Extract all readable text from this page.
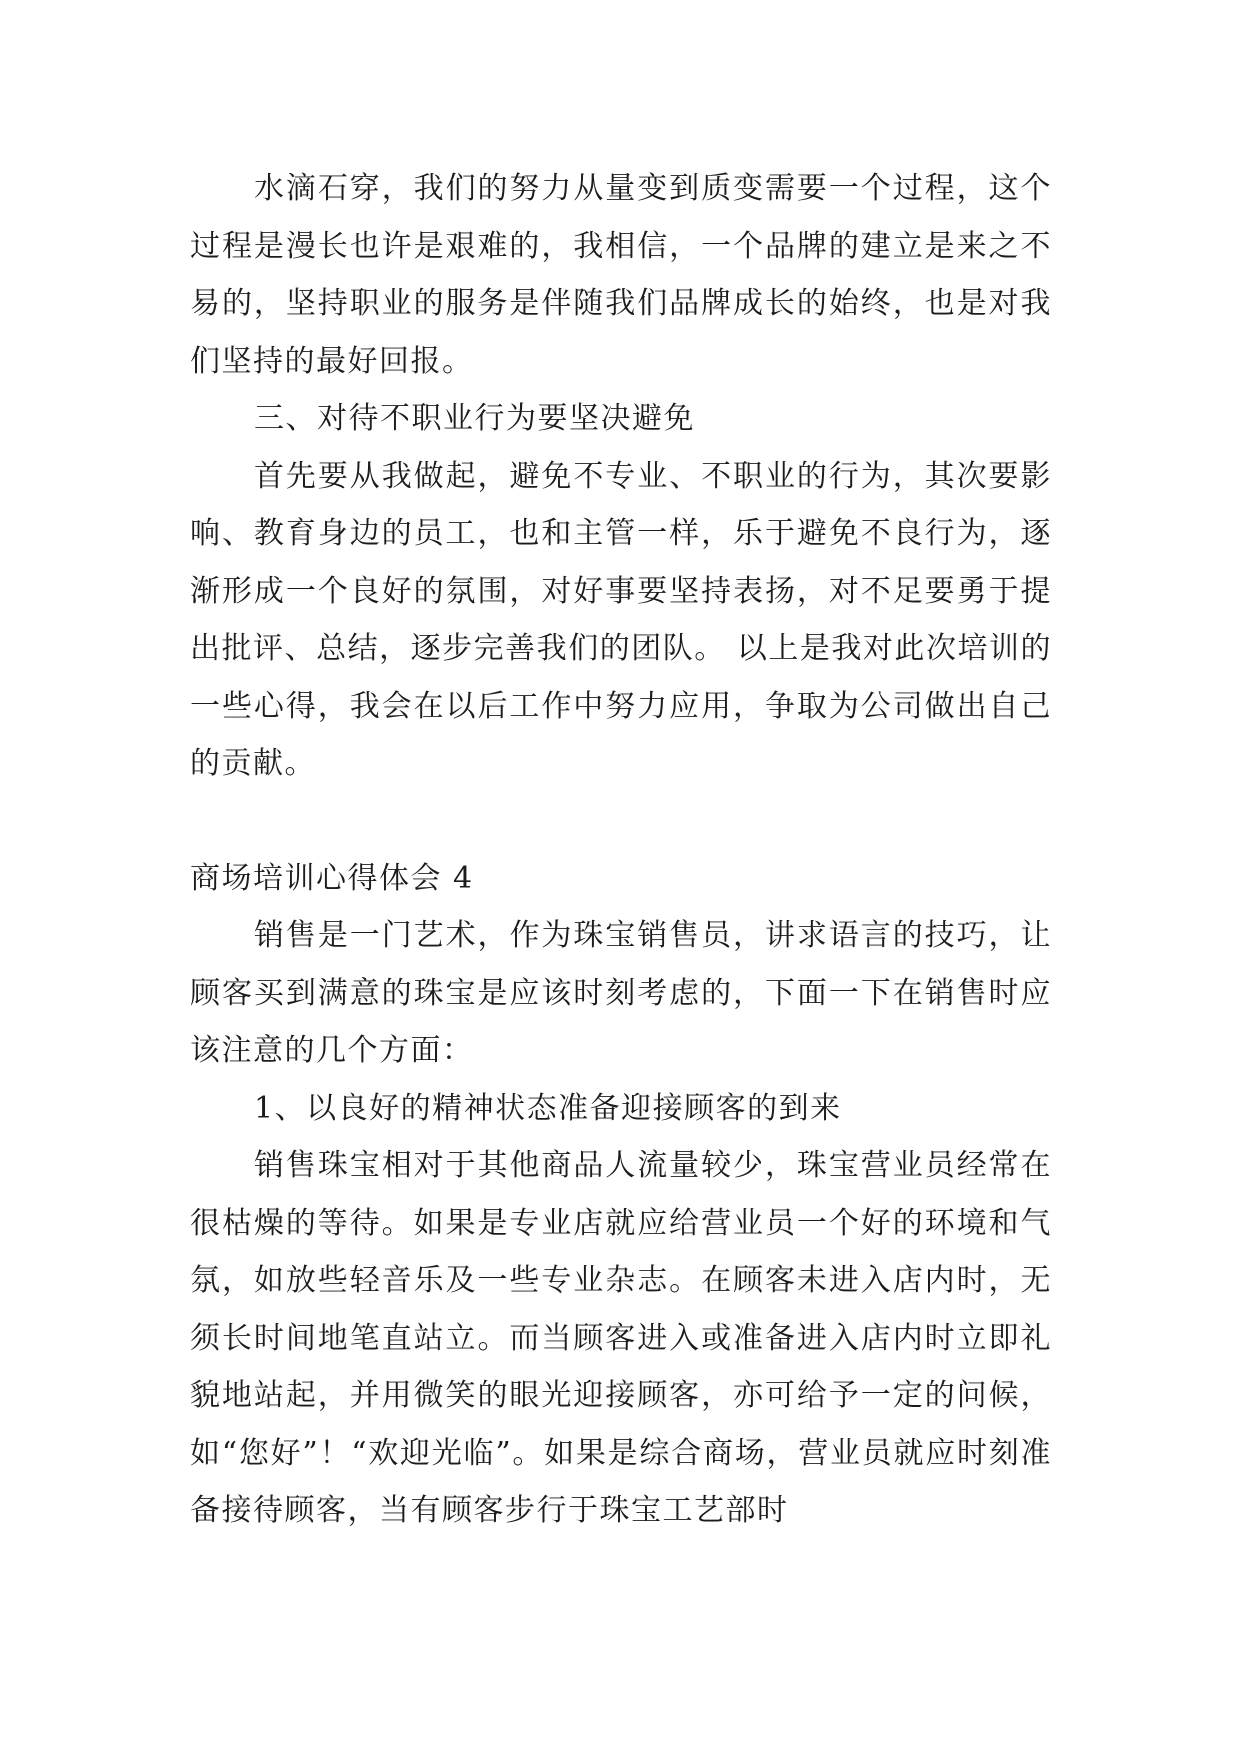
水滴石穿，我们的努力从量变到质变需要一个过程，这个过程是漫长也许是艰难的，我相信，一个品牌的建立是来之不易的，坚持职业的服务是伴随我们品牌成长的始终，也是对我们坚持的最好回报。

三、对待不职业行为要坚决避免

首先要从我做起，避免不专业、不职业的行为，其次要影响、教育身边的员工，也和主管一样，乐于避免不良行为，逐渐形成一个良好的氛围，对好事要坚持表扬，对不足要勇于提出批评、总结，逐步完善我们的团队。 以上是我对此次培训的一些心得，我会在以后工作中努力应用，争取为公司做出自己的贡献。

商场培训心得体会 4

销售是一门艺术，作为珠宝销售员，讲求语言的技巧，让顾客买到满意的珠宝是应该时刻考虑的，下面一下在销售时应该注意的几个方面：

1、以良好的精神状态准备迎接顾客的到来

销售珠宝相对于其他商品人流量较少，珠宝营业员经常在很枯燥的等待。如果是专业店就应给营业员一个好的环境和气氛，如放些轻音乐及一些专业杂志。在顾客未进入店内时，无须长时间地笔直站立。而当顾客进入或准备进入店内时立即礼貌地站起，并用微笑的眼光迎接顾客，亦可给予一定的问候，如“您好”！“欢迎光临”。如果是综合商场，营业员就应时刻准备接待顾客，当有顾客步行于珠宝工艺部时
